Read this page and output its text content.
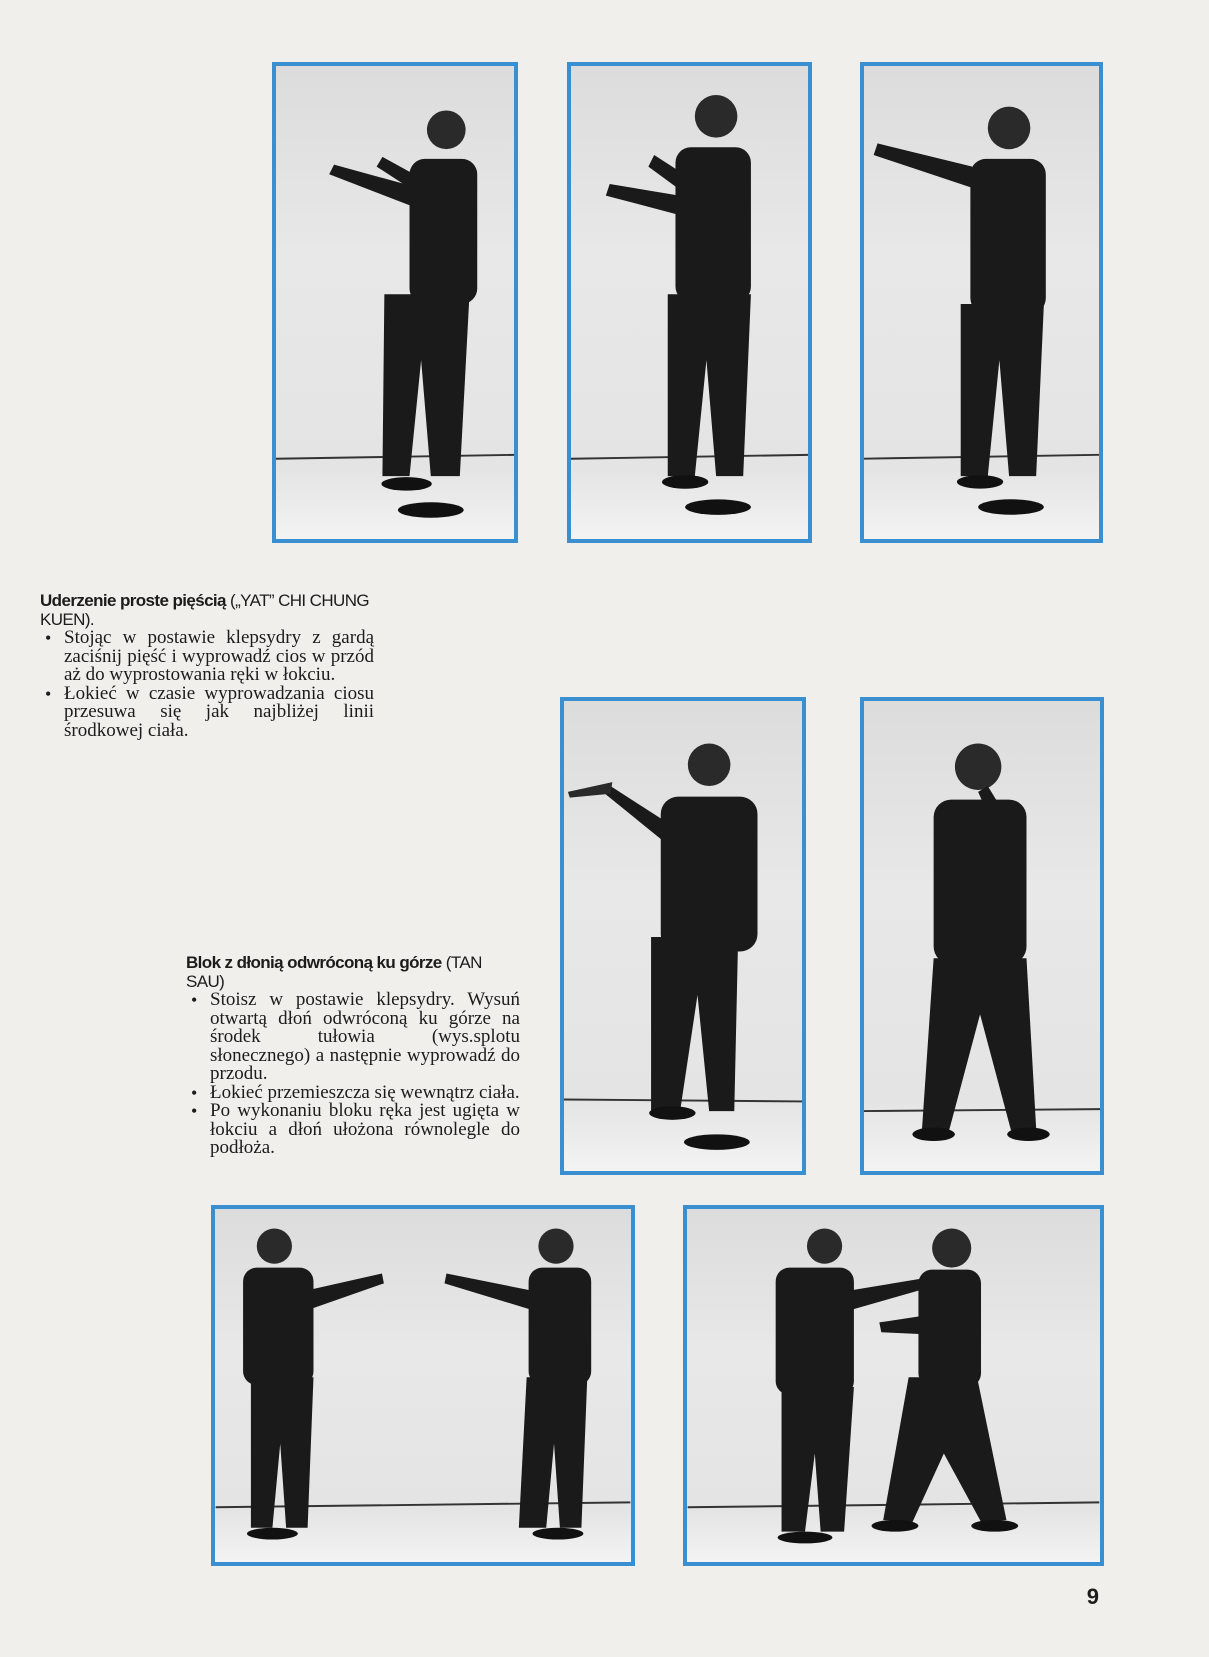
Uderzenie proste pięścią („YAT” CHI CHUNG KUEN).
• Stojąc w postawie klepsydry z gardą zaciśnij pięść i wyprowadź cios w przód aż do wyprostowania ręki w łokciu.
• Łokieć w czasie wyprowadzania ciosu przesuwa się jak najbliżej linii środkowej ciała.
Blok z dłonią odwróconą ku górze (TAN SAU)
• Stoisz w postawie klepsydry. Wysuń otwartą dłoń odwróconą ku górze na środek tułowia (wys.splotu słonecznego) a następnie wyprowadź do przodu.
• Łokieć przemieszcza się wewnątrz ciała.
• Po wykonaniu bloku ręka jest ugięta w łokciu a dłoń ułożona równolegle do podłoża.
9
